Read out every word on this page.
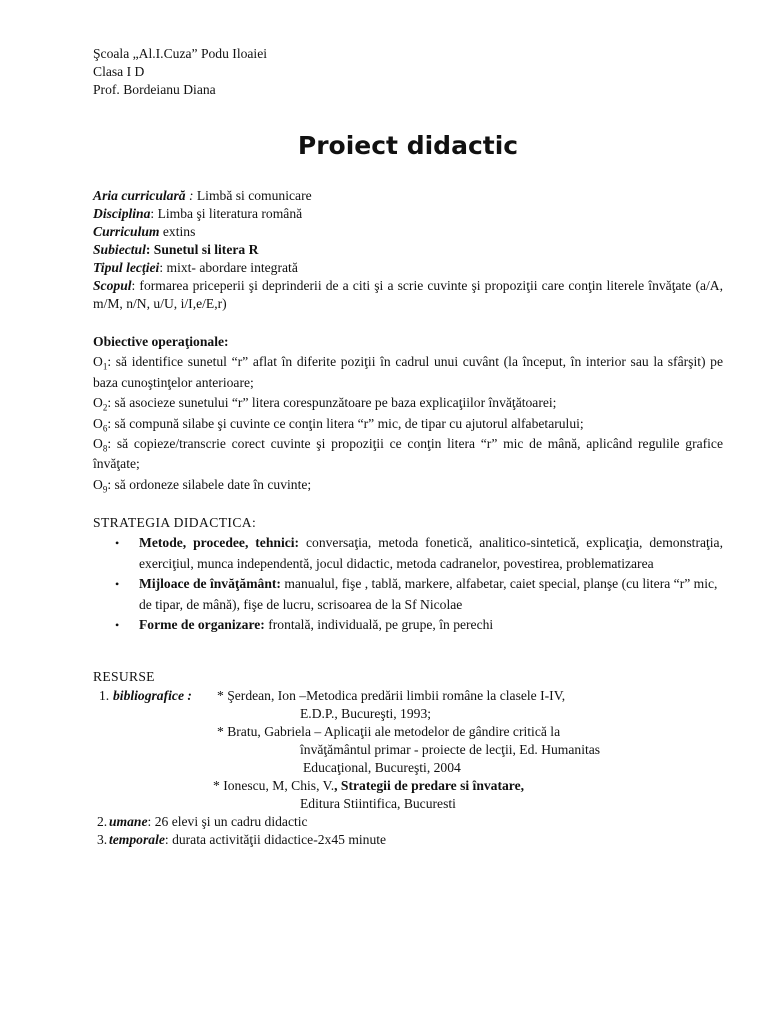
Şcoala „Al.I.Cuza” Podu Iloaiei
Clasa I D
Prof. Bordeianu Diana
Proiect didactic
Aria curriculară : Limbă si comunicare
Disciplina: Limba şi literatura română
Curriculum extins
Subiectul: Sunetul si litera R
Tipul lecţiei: mixt- abordare integrată
Scopul: formarea priceperii şi deprinderii de a citi şi a scrie cuvinte şi propoziţii care conţin literele învăţate (a/A, m/M, n/N, u/U, i/I,e/E,r)
Obiective operaţionale:
$O_1$: să identifice sunetul “r” aflat în diferite poziţii în cadrul unui cuvânt (la început, în interior sau la sfârşit) pe baza cunoştinţelor anterioare;
$O_2$: să asocieze sunetului “r” litera corespunzătoare pe baza explicaţiilor învăţătoarei;
$O_6$: să compună silabe şi cuvinte ce conţin litera “r” mic, de tipar cu ajutorul alfabetarului;
$O_8$: să copieze/transcrie corect cuvinte şi propoziţii ce conţin litera “r” mic de mână, aplicând regulile grafice învăţate;
$O_9$: să ordoneze silabele date în cuvinte;
STRATEGIA DIDACTICA:
• Metode, procedee, tehnici: conversaţia, metoda fonetică, analitico-sintetică, explicaţia, demonstraţia, exerciţiul, munca independentă, jocul didactic, metoda cadranelor, povestirea, problematizarea
• Mijloace de învăţământ: manualul, fişe , tablă, markere, alfabetar, caiet special, planşe (cu litera “r” mic, de tipar, de mână), fişe de lucru, scrisoarea de la Sf Nicolae
• Forme de organizare: frontală, individuală, pe grupe, în perechi
RESURSE
1. bibliografice : * Şerdean, Ion –Metodica predării limbii române la clasele I-IV,
E.D.P., Bucureşti, 1993;
* Bratu, Gabriela – Aplicaţii ale metodelor de gândire critică la
învăţământul primar - proiecte de lecţii, Ed. Humanitas
Educaţional, Bucureşti, 2004
* Ionescu, M, Chis, V., Strategii de predare si învatare,
Editura Stiintifica, Bucuresti
2. umane: 26 elevi şi un cadru didactic
3. temporale: durata activităţii didactice-2x45 minute
